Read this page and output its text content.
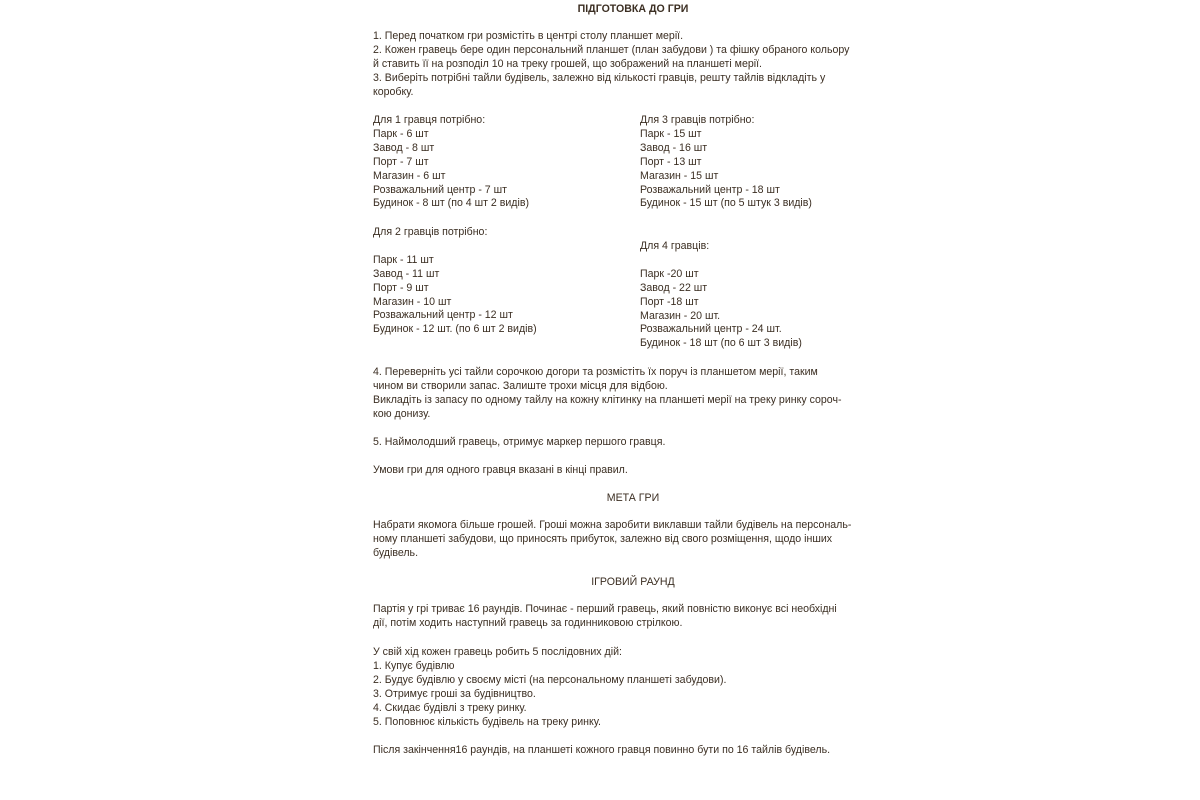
ПІДГОТОВКА ДО ГРИ
1. Перед початком гри розмістіть в центрі столу планшет мерії.
2. Кожен гравець бере один персональний планшет (план забудови ) та фішку обраного кольору
й ставить її на розподіл 10 на треку грошей, що зображений на планшеті мерії.
3. Виберіть потрібні тайли будівель, залежно від кількості гравців, решту тайлів відкладіть у
коробку.
Для 1 гравця потрібно:
Парк - 6 шт
Завод - 8 шт
Порт - 7 шт
Магазин - 6 шт
Розважальний центр - 7 шт
Будинок - 8 шт (по 4 шт 2 видів)
Для 3 гравців потрібно:
Парк - 15 шт
Завод - 16 шт
Порт - 13 шт
Магазин - 15 шт
Розважальний центр - 18 шт
Будинок - 15 шт (по 5 штук 3 видів)
Для 2 гравців потрібно:

Парк - 11 шт
Завод - 11 шт
Порт - 9 шт
Магазин - 10 шт
Розважальний центр - 12 шт
Будинок - 12 шт. (по 6 шт 2 видів)
Для 4 гравців:

Парк -20 шт
Завод - 22 шт
Порт -18 шт
Магазин - 20 шт.
Розважальний центр - 24 шт.
Будинок - 18 шт (по 6 шт 3 видів)
4. Переверніть усі тайли сорочкою догори та розмістіть їх поруч із планшетом мерії, таким
чином ви створили запас. Залиште трохи місця для відбою.
Викладіть із запасу по одному тайлу на кожну клітинку на планшеті мерії на треку ринку сороч-
кою донизу.
5. Наймолодший гравець, отримує маркер першого гравця.
Умови гри для одного гравця вказані в кінці правил.
МЕТА ГРИ
Набрати якомога більше грошей. Гроші можна заробити виклавши тайли будівель на персональ-
ному планшеті забудови, що приносять прибуток, залежно від свого розміщення, щодо інших
будівель.
ІГРОВИЙ РАУНД
Партія у грі триває 16 раундів. Починає - перший гравець, який повністю виконує всі необхідні
дії, потім ходить наступний гравець за годинниковою стрілкою.
У свій хід кожен гравець робить 5 послідовних дій:
1. Купує будівлю
2. Будує будівлю у своєму місті (на персональному планшеті забудови).
3. Отримує гроші за будівництво.
4. Скидає будівлі з треку ринку.
5. Поповнює кількість будівель на треку ринку.
Після закінчення16 раундів, на планшеті кожного гравця повинно бути по 16 тайлів будівель.
